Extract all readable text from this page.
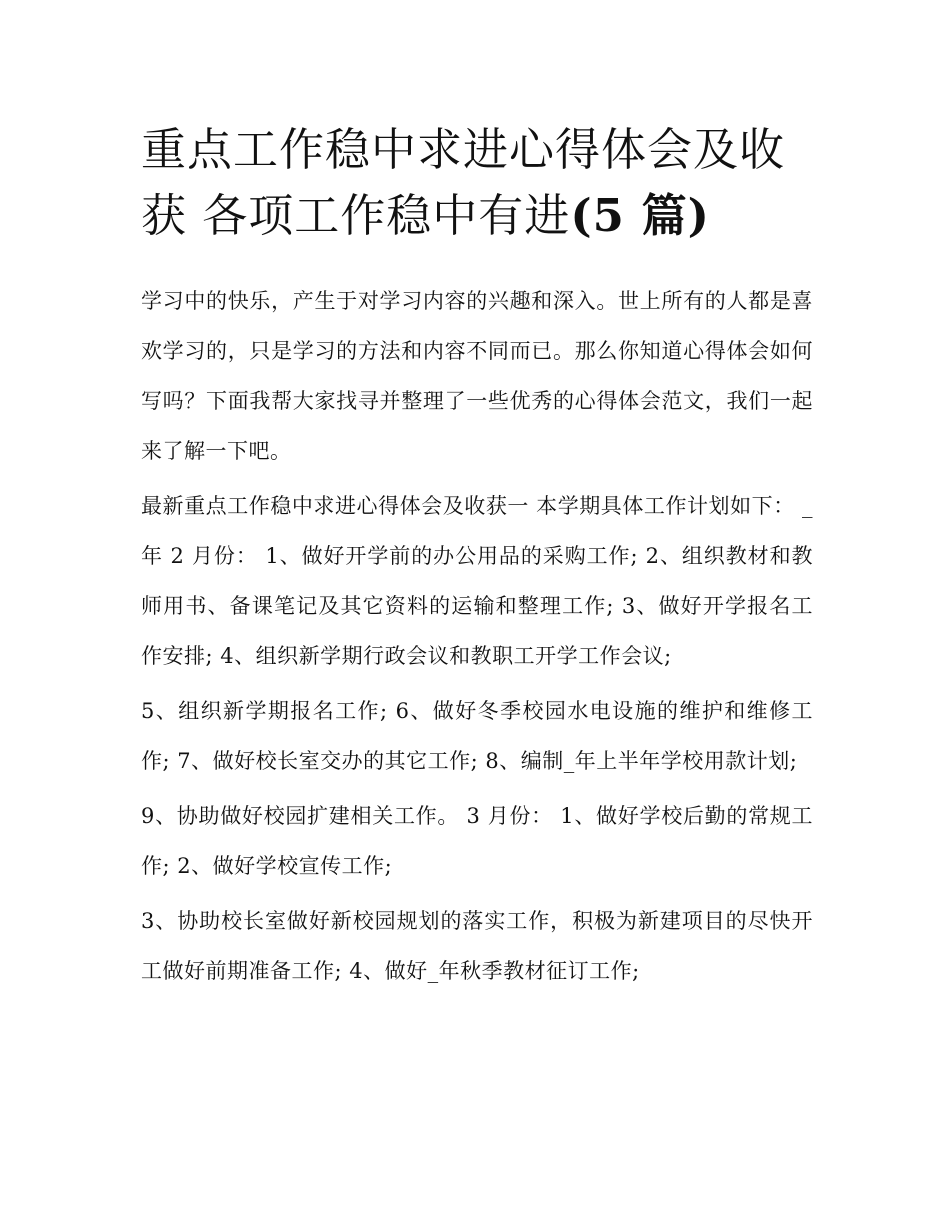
重点工作稳中求进心得体会及收获 各项工作稳中有进(5 篇)

学习中的快乐，产生于对学习内容的兴趣和深入。世上所有的人都是喜欢学习的，只是学习的方法和内容不同而已。那么你知道心得体会如何写吗？下面我帮大家找寻并整理了一些优秀的心得体会范文，我们一起来了解一下吧。

最新重点工作稳中求进心得体会及收获一 本学期具体工作计划如下： _年 2 月份： 1、做好开学前的办公用品的采购工作; 2、组织教材和教师用书、备课笔记及其它资料的运输和整理工作; 3、做好开学报名工作安排; 4、组织新学期行政会议和教职工开学工作会议;

5、组织新学期报名工作; 6、做好冬季校园水电设施的维护和维修工作; 7、做好校长室交办的其它工作; 8、编制_年上半年学校用款计划;

9、协助做好校园扩建相关工作。 3 月份： 1、做好学校后勤的常规工作; 2、做好学校宣传工作;

3、协助校长室做好新校园规划的落实工作，积极为新建项目的尽快开工做好前期准备工作; 4、做好_年秋季教材征订工作;
